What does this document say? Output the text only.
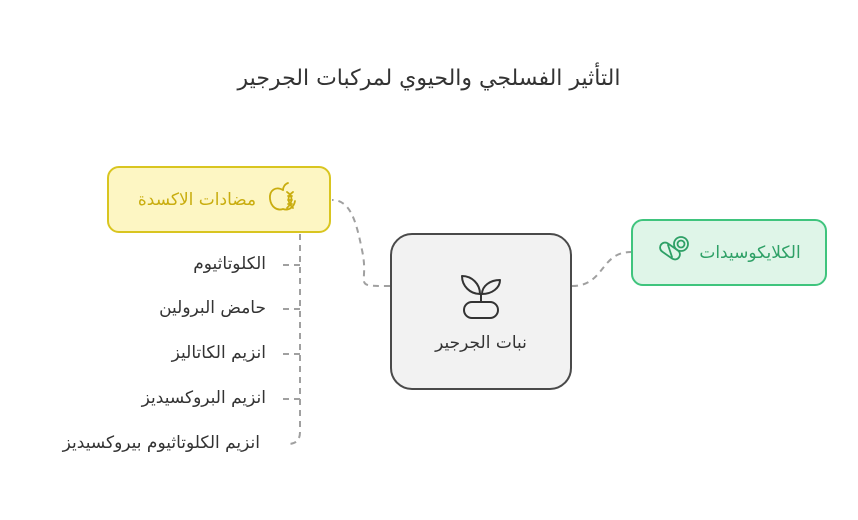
التأثير الفسلجي والحيوي لمركبات الجرجير
مضادات الاكسدة
الكلايكوسيدات
نبات الجرجير
الكلوتاثيوم
حامض البرولين
انزيم الكاتاليز
انزيم البروكسيديز
انزيم الكلوتاثيوم بيروكسيديز
